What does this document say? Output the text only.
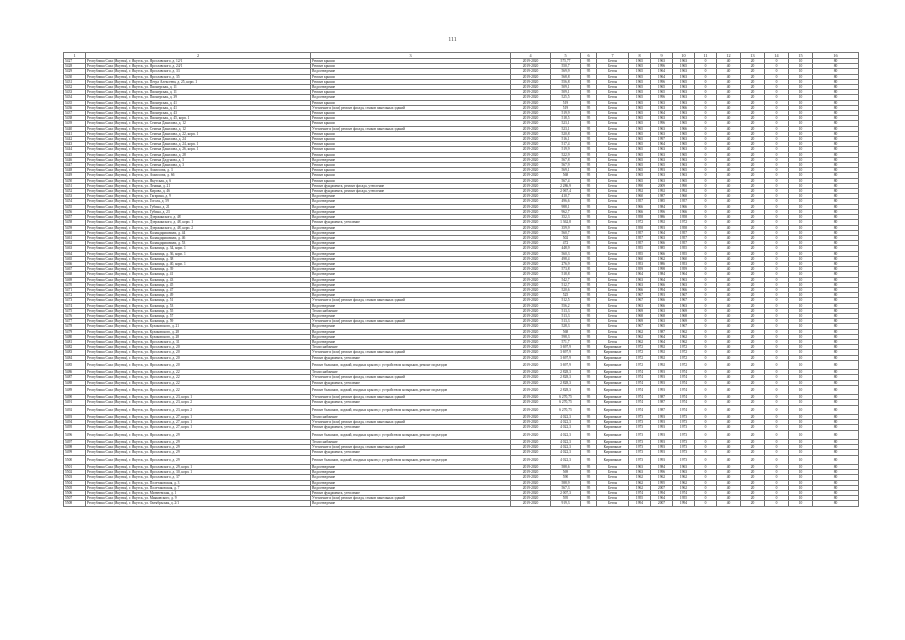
111
1	2	3	4	5	6	7	8	9	10	11	12	13	14	15	16
5427	Республика Саха (Якутия), г. Якутск, ул. Ярославского, д. 12/1	Ремонт крыши	2019-2020	575,77	95	Бетон	1965	1963	1963	0	40	20	0	10	80
5428	Республика Саха (Якутия), г. Якутск, ул. Ярославского, д. 24/1	Ремонт крыши	2019-2020	550,7	95	Бетон	1965	1996	1965	0	40	20	0	10	80
5429	Республика Саха (Якутия), г. Якутск, ул. Ярославского, д. 33	Водоотведение	2019-2020	569,9	95	Бетон	1965	1964	1963	0	40	20	0	10	80
5430	Республика Саха (Якутия), г. Якутск, ул. Ярославского, д. 35	Ремонт крыши	2019-2020	568,8	95	Бетон	1965	1964	1963	0	40	20	0	10	80
5431	Республика Саха (Якутия), г. Якутск, ул. Петра Алексеева, д. 25, корп. 1	Ремонт крыши	2019-2020	556,8	95	Бетон	1965	1996	1965	0	40	20	0	10	80
5432	Республика Саха (Якутия), г. Якутск, ул. Пионерская, д. 11	Водоотведение	2019-2020	509,1	95	Бетон	1965	1965	1963	0	40	20	0	10	80
5433	Республика Саха (Якутия), г. Якутск, ул. Пионерская, д. 11	Ремонт крыши	2019-2020	509,1	95	Бетон	1965	1965	1963	0	40	20	0	10	80
5434	Республика Саха (Якутия), г. Якутск, ул. Пионерская, д. 39	Водоотведение	2019-2020	525,5	95	Бетон	1965	1996	1963	0	40	20	0	10	80
5435	Республика Саха (Якутия), г. Якутск, ул. Пионерская, д. 41	Ремонт крыши	2019-2020	519	95	Бетон	1965	1963	1963	0	40	20	0	10	80
5436	Республика Саха (Якутия), г. Якутск, ул. Пионерская, д. 41	Утепление и (или) ремонт фасада, стыков панельных зданий	2019-2020	519	95	Бетон	1965	1963	1966	0	40	20	0	10	80
5437	Республика Саха (Якутия), г. Якутск, ул. Пионерская, д. 43	Ремонт крыши	2019-2020	519,9	95	Бетон	1965	1964	1963	0	40	20	0	10	80
5438	Республика Саха (Якутия), г. Якутск, ул. Пионерская, д. 45, корп. 1	Ремонт крыши	2019-2020	518,5	95	Бетон	1965	1963	1963	0	40	20	0	10	80
5439	Республика Саха (Якутия), г. Якутск, ул. Семена Данилова, д. 12	Ремонт крыши	2019-2020	523,1	95	Бетон	1965	1996	1965	0	40	20	0	10	80
5440	Республика Саха (Якутия), г. Якутск, ул. Семена Данилова, д. 12	Утепление и (или) ремонт фасада, стыков панельных зданий	2019-2020	523,1	95	Бетон	1965	1963	1966	0	40	20	0	10	80
5441	Республика Саха (Якутия), г. Якутск, ул. Семена Данилова, д. 22, корп. 1	Ремонт крыши	2019-2020	520,8	95	Бетон	1965	1963	1965	0	40	20	0	10	80
5442	Республика Саха (Якутия), г. Якутск, ул. Семена Данилова, д. 24	Ремонт крыши	2019-2020	516,1	95	Бетон	1965	1997	1963	0	40	20	0	10	80
5443	Республика Саха (Якутия), г. Якутск, ул. Семена Данилова, д. 24, корп. 1	Ремонт крыши	2019-2020	517,4	95	Бетон	1965	1964	1965	0	40	20	0	10	80
5444	Республика Саха (Якутия), г. Якутск, ул. Семена Данилова, д. 26, корп. 1	Ремонт крыши	2019-2020	519,9	95	Бетон	1965	1963	1963	0	40	20	0	10	80
5445	Республика Саха (Якутия), г. Якутск, ул. Семена Данилова, д. 28	Ремонт крыши	2019-2020	522,9	95	Бетон	1965	1963	1965	0	40	20	0	10	80
5446	Республика Саха (Якутия), г. Якутск, ул. Семена Дадунова, д. 3	Водоотведение	2019-2020	567,8	95	Бетон	1965	1963	1963	0	40	20	0	10	80
5447	Республика Саха (Якутия), г. Якутск, ул. Семена Данилова, д. 3	Ремонт крыши	2019-2020	567,9	95	Бетон	1965	1965	1963	0	40	20	0	10	80
5448	Республика Саха (Якутия), г. Якутск, ул. Аммосова, д. 3	Ремонт крыши	2019-2020	569,1	95	Бетон	1965	1993	1965	0	40	20	0	10	80
5449	Республика Саха (Якутия), г. Якутск, ул. Аммосова, д. 66	Ремонт крыши	2019-2020	568	95	Бетон	1965	1963	1963	0	40	20	0	10	80
5450	Республика Саха (Якутия), г. Якутск, ул. Якутская, д. 6	Ремонт крыши	2019-2020	567,4	95	Бетон	1965	1963	1965	0	40	20	0	10	80
5451	Республика Саха (Якутия), г. Якутск, ул. Ленина, д. 21	Ремонт фундамента, ремонт фасада, утепление	2019-2020	2 286,9	95	Бетон	1990	2009	1990	0	40	20	0	10	80
5452	Республика Саха (Якутия), г. Якутск, ул. Кирова, д. 46	Ремонт фундамента, ремонт фасада, утепление	2019-2020	2 067,4	95	Бетон	1992	1992	1992	0	40	20	0	10	80
5453	Республика Саха (Якутия), г. Якутск, ул. Гагарина, д. 9	Водоотведение	2019-2020	410,7	95	Бетон	1960	1987	1960	0	40	20	0	10	80
5454	Республика Саха (Якутия), г. Якутск, ул. Гоголя, д. 59	Водоотведение	2019-2020	496,6	95	Бетон	1957	1985	1957	0	40	20	0	10	80
5455	Республика Саха (Якутия), г. Якутск, ул. Губина, д. 21	Водоотведение	2019-2020	988,1	95	Бетон	1966	1984	1966	0	40	20	0	10	80
5456	Республика Саха (Якутия), г. Якутск, ул. Губина, д. 23	Водоотведение	2019-2020	962,7	95	Бетон	1966	1996	1966	0	40	20	0	10	80
5457	Республика Саха (Якутия), г. Якутск, ул. Дзержинского, д. 48	Водоотведение	2019-2020	352,3	95	Бетон	1958	1986	1958	0	40	20	0	10	80
5458	Республика Саха (Якутия), г. Якутск, ул. Дзержинского, д. 48, корп. 1	Ремонт фундамента, утепление	2019-2020	1 362,8	95	Бетон	1972	1992	1972	0	40	20	0	10	80
5459	Республика Саха (Якутия), г. Якутск, ул. Дзержинского, д. 48, корп. 2	Водоотведение	2019-2020	359,9	95	Бетон	1958	1993	1958	0	40	20	0	10	80
5460	Республика Саха (Якутия), г. Якутск, ул. Каландаришвили, д. 44	Водоотведение	2019-2020	560,7	95	Бетон	1957	1964	1957	0	40	20	0	10	80
5461	Республика Саха (Якутия), г. Якутск, ул. Каландаришвили, д. 46	Водоотведение	2019-2020	502	95	Бетон	1957	1963	1957	0	40	20	0	10	80
5462	Республика Саха (Якутия), г. Якутск, ул. Каландаришвили, д. 53	Водоотведение	2019-2020	472	95	Бетон	1957	1966	1957	0	40	20	0	10	80
5463	Республика Саха (Якутия), г. Якутск, ул. Кальвица, д. 34, корп. 1	Водоотведение	2019-2020	448,9	95	Бетон	1955	1985	1955	0	40	20	0	10	80
5464	Республика Саха (Якутия), г. Якутск, ул. Кальвица, д. 36, корп. 1	Водоотведение	2019-2020	560,3	95	Бетон	1955	1966	1955	0	40	20	0	10	80
5465	Республика Саха (Якутия), г. Якутск, ул. Кальвица, д. 38	Водоотведение	2019-2020	498,4	95	Бетон	1960	1962	1960	0	40	20	0	10	80
5466	Республика Саха (Якутия), г. Якутск, ул. Кальвица, д. 40, корп. 1	Водоотведение	2019-2020	276,9	95	Бетон	1953	1986	1953	0	40	20	0	10	80
5467	Республика Саха (Якутия), г. Якутск, ул. Кальвица, д. 39	Водоотведение	2019-2020	573,8	95	Бетон	1959	1998	1959	0	40	20	0	10	80
5468	Республика Саха (Якутия), г. Якутск, ул. Кальвица, д. 41	Водоотведение	2019-2020	518,8	95	Бетон	1964	1984	1964	0	40	20	0	10	80
5469	Республика Саха (Якутия), г. Якутск, ул. Кальвица, д. 43	Водоотведение	2019-2020	542,7	95	Бетон	1963	1964	1963	0	40	20	0	10	80
5470	Республика Саха (Якутия), г. Якутск, ул. Кальвица, д. 45	Водоотведение	2019-2020	512,7	95	Бетон	1963	1966	1963	0	40	20	0	10	80
5471	Республика Саха (Якутия), г. Якутск, ул. Кальвица, д. 47	Водоотведение	2019-2020	520,6	95	Бетон	1966	1994	1966	0	40	20	0	10	80
5472	Республика Саха (Якутия), г. Якутск, ул. Кальвица, д. 49	Водоотведение	2019-2020	525	95	Бетон	1967	1993	1967	0	40	20	0	10	80
5473	Республика Саха (Якутия), г. Якутск, ул. Кальвица, д. 51	Утепление и (или) ремонт фасада, стыков панельных зданий	2019-2020	512,5	95	Бетон	1967	1966	1967	0	40	20	0	10	80
5474	Республика Саха (Якутия), г. Якутск, ул. Кальвица, д. 53	Водоотведение	2019-2020	556,2	95	Бетон	1963	1966	1963	0	40	20	0	10	80
5475	Республика Саха (Якутия), г. Якутск, ул. Кальвица, д. 55	Теплоснабжение	2019-2020	513,3	95	Бетон	1969	1963	1969	0	40	20	0	10	80
5476	Республика Саха (Якутия), г. Якутск, ул. Кальвица, д. 57	Водоотведение	2019-2020	513,3	95	Бетон	1968	1968	1968	0	40	20	0	10	80
5477	Республика Саха (Якутия), г. Якутск, ул. Кальвица, д. 59	Утепление и (или) ремонт фасада, стыков панельных зданий	2019-2020	513,3	95	Бетон	1969	1963	1969	0	40	20	0	10	80
5478	Республика Саха (Якутия), г. Якутск, ул. Кулаковского, д. 21	Водоотведение	2019-2020	528,3	95	Бетон	1967	1965	1967	0	40	20	0	10	80
5479	Республика Саха (Якутия), г. Якутск, ул. Кулаковского, д. 28	Водоотведение	2019-2020	568	95	Бетон	1962	1987	1962	0	40	20	0	10	80
5480	Республика Саха (Якутия), г. Якутск, ул. Кулаковского, д. 28	Водоотведение	2019-2020	598,3	95	Бетон	1962	1964	1962	0	40	20	0	10	80
5481	Республика Саха (Якутия), г. Якутск, ул. Ярославского, д. 31	Водоотведение	2019-2020	571,7	95	Бетон	1962	1964	1962	0	40	20	0	10	80
5482	Республика Саха (Якутия), г. Якутск, ул. Ярославского, д. 20	Теплоснабжение	2019-2020	3 697,9	95	Кирпичные	1972	1992	1972	0	40	20	0	10	80
5483	Республика Саха (Якутия), г. Якутск, ул. Ярославского, д. 20	Утепление и (или) ремонт фасада, стыков панельных зданий	2019-2020	3 697,9	95	Кирпичные	1972	1992	1972	0	40	20	0	10	80
5484	Республика Саха (Якутия), г. Якутск, ул. Ярославского, д. 20	Ремонт фундамента, утепление	2019-2020	3 697,9	95	Кирпичные	1972	1992	1972	0	40	20	0	10	80
5485	Республика Саха (Якутия), г. Якутск, ул. Ярославского, д. 20	Ремонт балконов, лоджий, входных крылец с устройством козырьков, ремонт подъездов	2019-2020	3 697,9	95	Кирпичные	1972	1992	1972	0	40	20	0	10	80
5486	Республика Саха (Якутия), г. Якутск, ул. Ярославского, д. 22	Теплоснабжение	2019-2020	2 828,3	95	Кирпичные	1974	1993	1974	0	40	20	0	10	80
5487	Республика Саха (Якутия), г. Якутск, ул. Ярославского, д. 22	Утепление и (или) ремонт фасада, стыков панельных зданий	2019-2020	2 828,3	95	Кирпичные	1974	1993	1974	0	40	20	0	10	80
5488	Республика Саха (Якутия), г. Якутск, ул. Ярославского, д. 22	Ремонт фундамента, утепление	2019-2020	2 828,3	95	Кирпичные	1974	1993	1974	0	40	20	0	10	80
5489	Республика Саха (Якутия), г. Якутск, ул. Ярославского, д. 22	Ремонт балконов, лоджий, входных крылец с устройством козырьков, ремонт подъездов	2019-2020	2 828,3	95	Кирпичные	1974	1993	1974	0	40	20	0	10	80
5490	Республика Саха (Якутия), г. Якутск, ул. Ярославского, д. 23, корп. 1	Утепление и (или) ремонт фасада, стыков панельных зданий	2019-2020	6 270,75	95	Кирпичные	1974	1987	1974	0	40	20	0	10	80
5491	Республика Саха (Якутия), г. Якутск, ул. Ярославского, д. 23, корп. 2	Ремонт фундамента, утепление	2019-2020	6 270,75	95	Кирпичные	1974	1987	1974	0	40	20	0	10	80
5492	Республика Саха (Якутия), г. Якутск, ул. Ярославского, д. 23, корп. 2	Ремонт балконов, лоджий, входных крылец с устройством козырьков, ремонт подъездов	2019-2020	6 270,75	95	Кирпичные	1974	1987	1974	0	40	20	0	10	80
5493	Республика Саха (Якутия), г. Якутск, ул. Ярославского, д. 27, корп. 1	Теплоснабжение	2019-2020	4 022,3	95	Кирпичные	1973	1993	1973	0	40	20	0	10	80
5494	Республика Саха (Якутия), г. Якутск, ул. Ярославского, д. 27, корп. 1	Утепление и (или) ремонт фасада, стыков панельных зданий	2019-2020	4 022,3	95	Кирпичные	1973	1993	1973	0	40	20	0	10	80
5495	Республика Саха (Якутия), г. Якутск, ул. Ярославского, д. 27, корп. 1	Ремонт фундамента, утепление	2019-2020	4 022,3	95	Кирпичные	1973	1993	1973	0	40	20	0	10	80
5496	Республика Саха (Якутия), г. Якутск, ул. Ярославского, д. 29	Ремонт балконов, лоджий, входных крылец с устройством козырьков, ремонт подъездов	2019-2020	4 022,3	95	Кирпичные	1973	1993	1973	0	40	20	0	10	80
5497	Республика Саха (Якутия), г. Якутск, ул. Ярославского, д. 29	Теплоснабжение	2019-2020	4 022,3	95	Кирпичные	1973	1993	1973	0	40	20	0	10	80
5498	Республика Саха (Якутия), г. Якутск, ул. Ярославского, д. 29	Утепление и (или) ремонт фасада, стыков панельных зданий	2019-2020	4 022,3	95	Кирпичные	1973	1993	1973	0	40	20	0	10	80
5499	Республика Саха (Якутия), г. Якутск, ул. Ярославского, д. 29	Ремонт фундамента, утепление	2019-2020	4 022,3	95	Кирпичные	1973	1993	1973	0	40	20	0	10	80
5500	Республика Саха (Якутия), г. Якутск, ул. Ярославского, д. 29	Ремонт балконов, лоджий, входных крылец с устройством козырьков, ремонт подъездов	2019-2020	4 022,3	95	Кирпичные	1973	1993	1973	0	40	20	0	10	80
5501	Республика Саха (Якутия), г. Якутск, ул. Ярославского, д. 29, корп. 1	Водоотведение	2019-2020	588,6	95	Бетон	1963	1984	1963	0	40	20	0	10	80
5502	Республика Саха (Якутия), г. Якутск, ул. Ярославского, д. 30, корп. 1	Водоотведение	2019-2020	569	95	Бетон	1963	1996	1963	0	40	20	0	10	80
5503	Республика Саха (Якутия), г. Якутск, ул. Ярославского, д. 37	Водоотведение	2019-2020	590	95	Бетон	1962	1962	1962	0	40	20	0	10	80
5504	Республика Саха (Якутия), г. Якутск, ул. Полетаковская, д. 3	Водоотведение	2019-2020	588,9	95	Бетон	1962	1995	1962	0	40	20	0	10	80
5505	Республика Саха (Якутия), г. Якутск, ул. Полетаковская, д. 7	Водоотведение	2019-2020	567,3	95	Бетон	1962	2007	1962	0	40	20	0	10	80
5506	Республика Саха (Якутия), г. Якутск, ул. Матвеевская, д. 1	Ремонт фундамента, утепление	2019-2020	2 007,3	95	Бетон	1974	1994	1974	0	40	20	0	10	80
5507	Республика Саха (Якутия), г. Якутск, ул. Маяковского, д. 9	Утепление и (или) ремонт фасада, стыков панельных зданий	2019-2020	595	95	Бетон	1955	1964	1955	0	40	20	0	10	80
5508	Республика Саха (Якутия), г. Якутск, ул. Октябрьская, д. 2/1	Водоотведение	2019-2020	919,3	95	Бетон	1994	2007	1994	0	40	20	0	10	80
